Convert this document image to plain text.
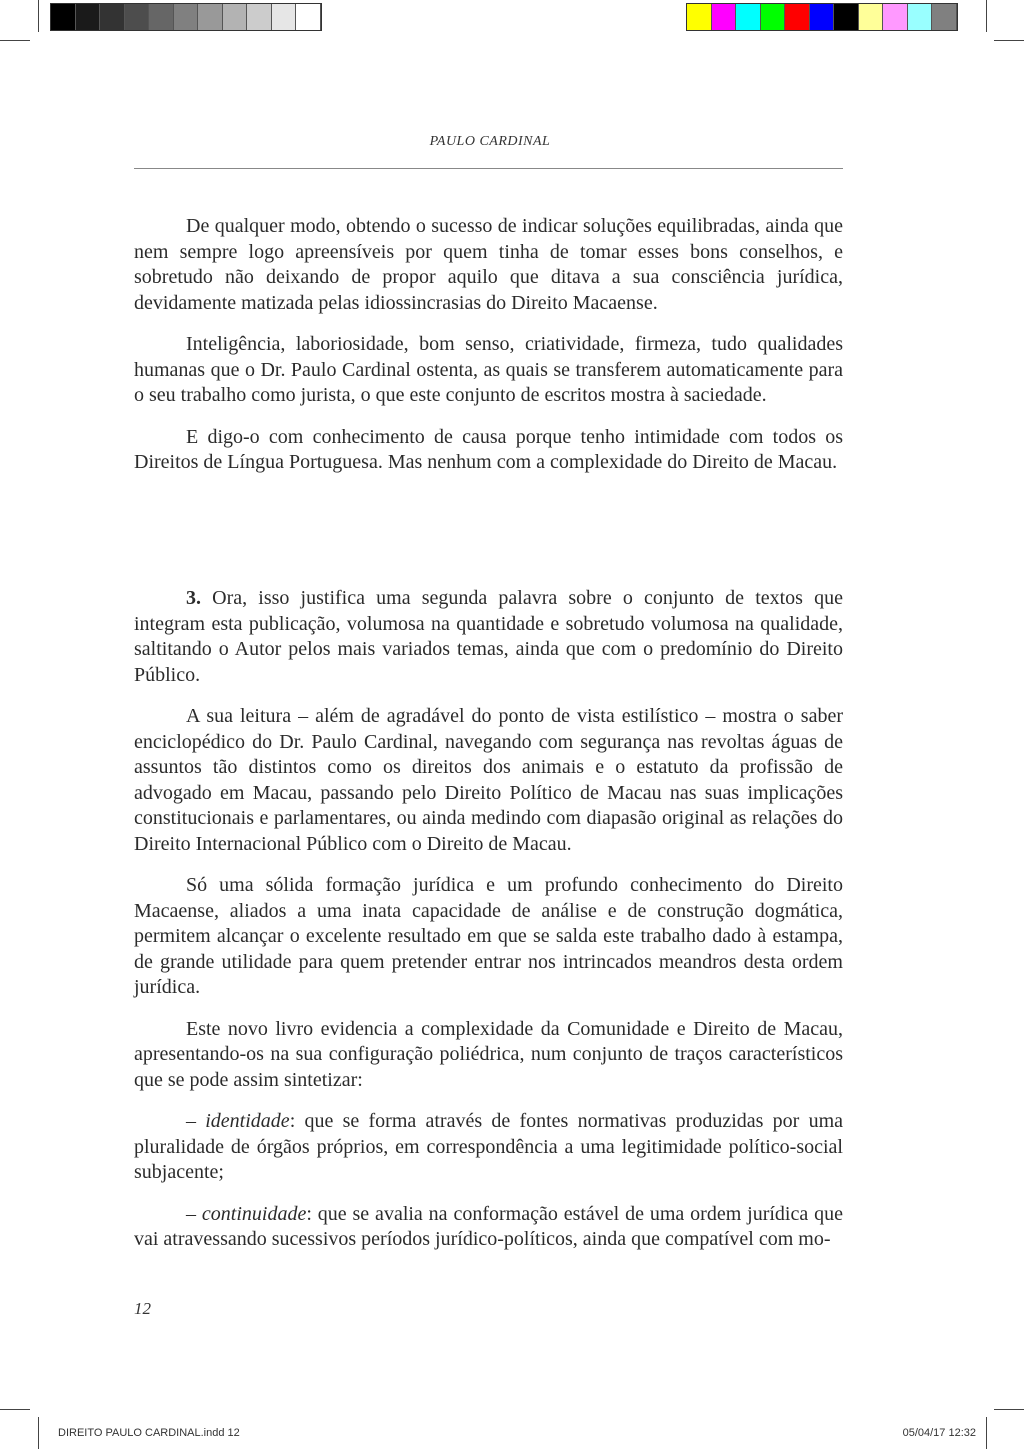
PAULO CARDINAL

De qualquer modo, obtendo o sucesso de indicar soluções equilibradas, ainda que nem sempre logo apreensíveis por quem tinha de tomar esses bons conselhos, e sobretudo não deixando de propor aquilo que ditava a sua consciência jurídica, devidamente matizada pelas idiossincrasias do Direito Macaense.

Inteligência, laboriosidade, bom senso, criatividade, firmeza, tudo qualidades humanas que o Dr. Paulo Cardinal ostenta, as quais se transferem automaticamente para o seu trabalho como jurista, o que este conjunto de escritos mostra à saciedade.

E digo-o com conhecimento de causa porque tenho intimidade com todos os Direitos de Língua Portuguesa. Mas nenhum com a complexidade do Direito de Macau.

3. Ora, isso justifica uma segunda palavra sobre o conjunto de textos que integram esta publicação, volumosa na quantidade e sobretudo volumosa na qualidade, saltitando o Autor pelos mais variados temas, ainda que com o predomínio do Direito Público.

A sua leitura – além de agradável do ponto de vista estilístico – mostra o saber enciclopédico do Dr. Paulo Cardinal, navegando com segurança nas revoltas águas de assuntos tão distintos como os direitos dos animais e o estatuto da profissão de advogado em Macau, passando pelo Direito Político de Macau nas suas implicações constitucionais e parlamentares, ou ainda medindo com diapasão original as relações do Direito Internacional Público com o Direito de Macau.

Só uma sólida formação jurídica e um profundo conhecimento do Direito Macaense, aliados a uma inata capacidade de análise e de construção dogmática, permitem alcançar o excelente resultado em que se salda este trabalho dado à estampa, de grande utilidade para quem pretender entrar nos intrincados meandros desta ordem jurídica.

Este novo livro evidencia a complexidade da Comunidade e Direito de Macau, apresentando-os na sua configuração poliédrica, num conjunto de traços característicos que se pode assim sintetizar:

– identidade: que se forma através de fontes normativas produzidas por uma pluralidade de órgãos próprios, em correspondência a uma legitimidade político-social subjacente;

– continuidade: que se avalia na conformação estável de uma ordem jurídica que vai atravessando sucessivos períodos jurídico-políticos, ainda que compatível com mo-

12
DIREITO PAULO CARDINAL.indd 12	05/04/17 12:32
